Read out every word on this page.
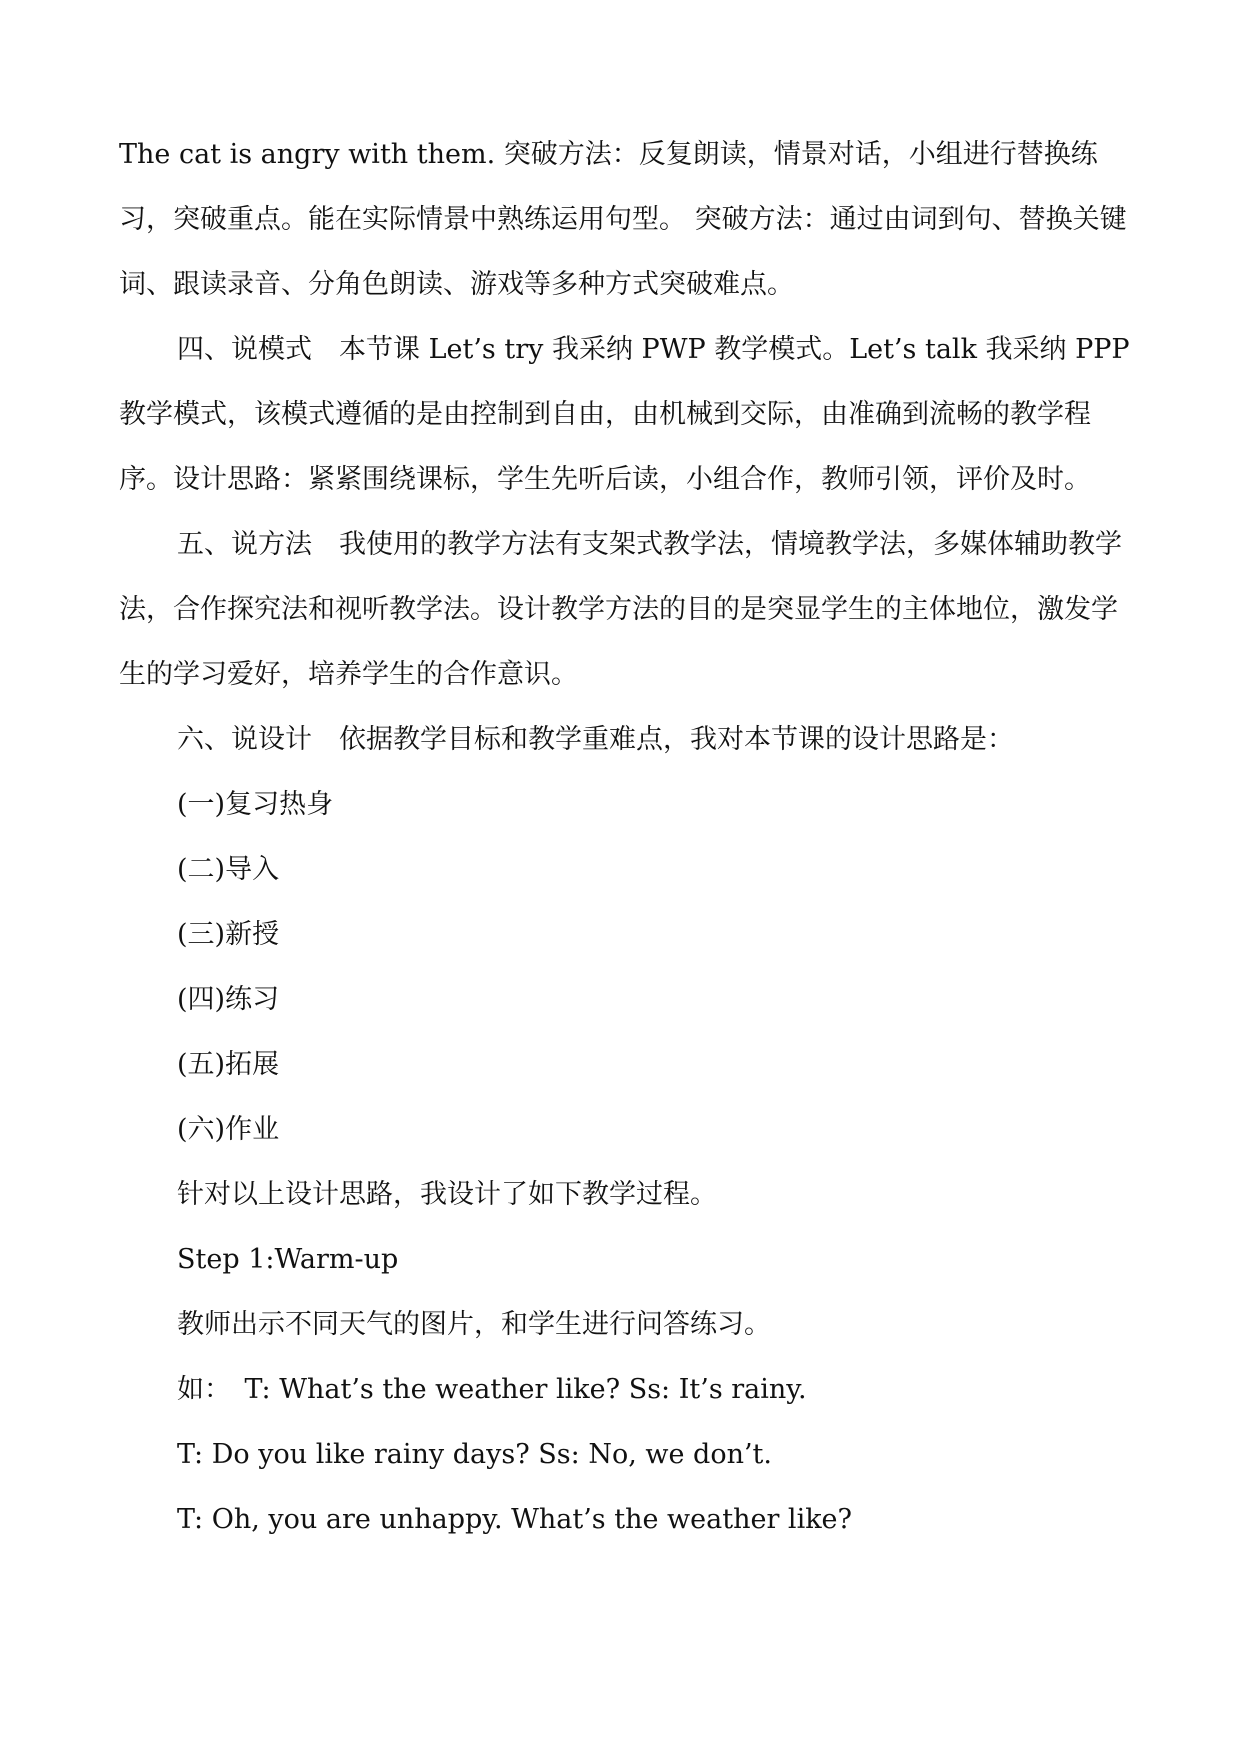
The cat is angry with them. 突破方法：反复朗读，情景对话，小组进行替换练习，突破重点。能在实际情景中熟练运用句型。 突破方法：通过由词到句、替换关键词、跟读录音、分角色朗读、游戏等多种方式突破难点。

四、说模式　本节课 Let’s try 我采纳 PWP 教学模式。Let’s talk 我采纳 PPP 教学模式，该模式遵循的是由控制到自由，由机械到交际，由准确到流畅的教学程序。设计思路：紧紧围绕课标，学生先听后读，小组合作，教师引领，评价及时。

五、说方法　我使用的教学方法有支架式教学法，情境教学法，多媒体辅助教学法，合作探究法和视听教学法。设计教学方法的目的是突显学生的主体地位，激发学生的学习爱好，培养学生的合作意识。

六、说设计　依据教学目标和教学重难点，我对本节课的设计思路是：

(一)复习热身

(二)导入

(三)新授

(四)练习

(五)拓展

(六)作业

针对以上设计思路，我设计了如下教学过程。

Step 1:Warm-up

教师出示不同天气的图片，和学生进行问答练习。

如：　T: What’s the weather like? Ss: It’s rainy.

T: Do you like rainy days? Ss: No, we don’t.

T: Oh, you are unhappy. What’s the weather like?
